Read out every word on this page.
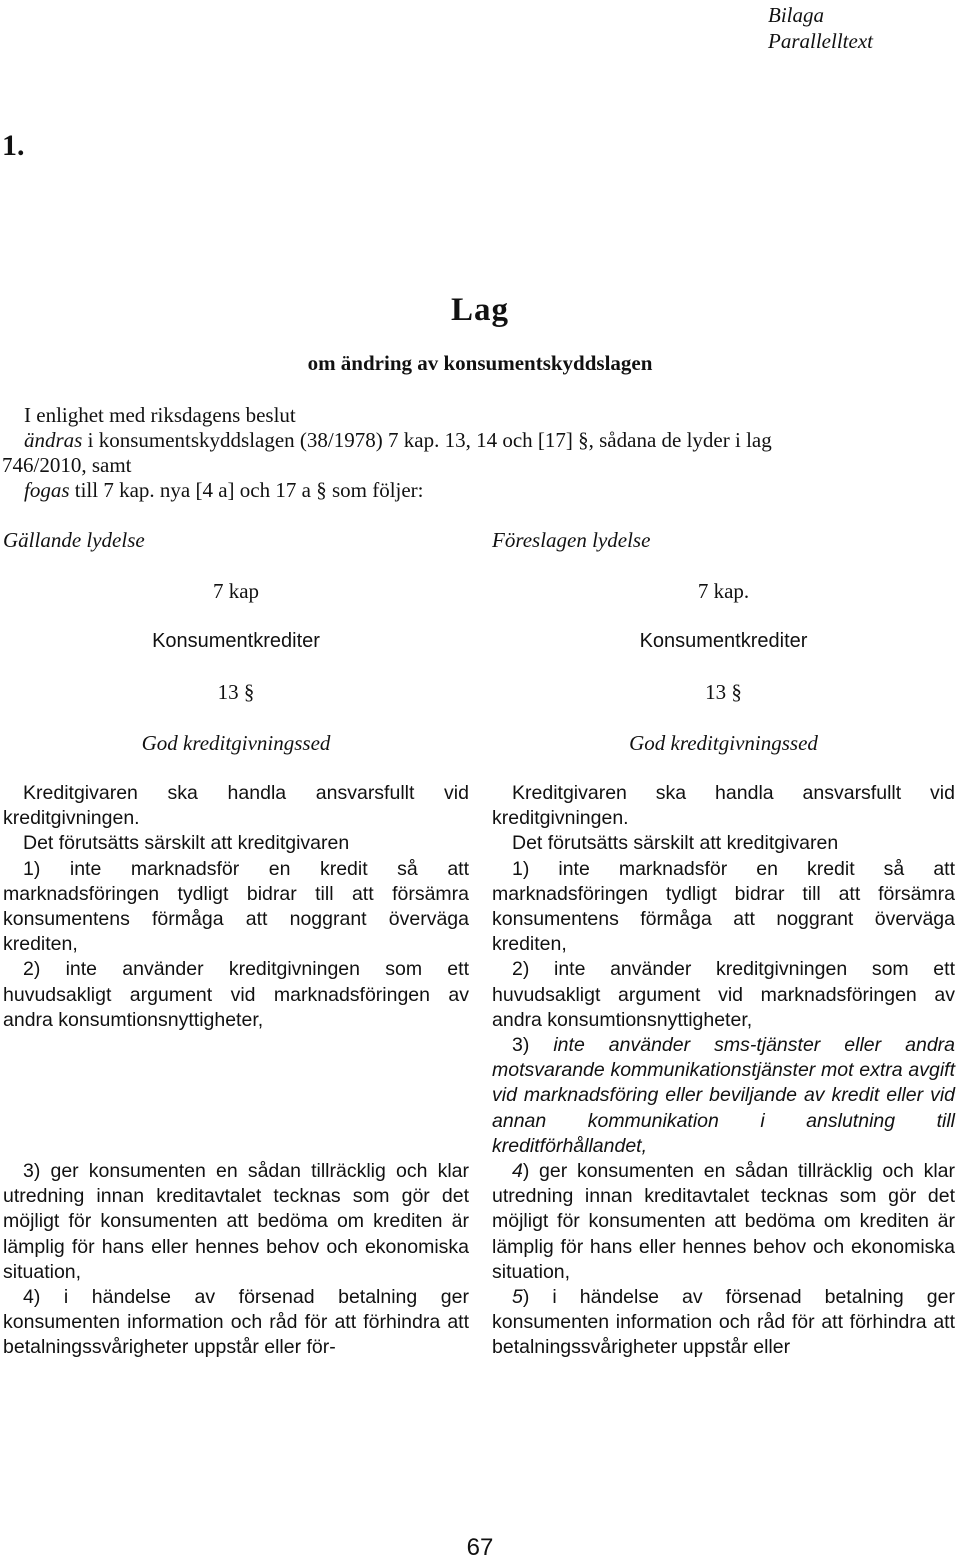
Bilaga
Parallelltext
1.
Lag
om ändring av konsumentskyddslagen
I enlighet med riksdagens beslut
ändras i konsumentskyddslagen (38/1978) 7 kap. 13, 14 och [17] §, sådana de lyder i lag
746/2010, samt
fogas till 7 kap. nya [4 a] och 17 a § som följer:
Gällande lydelse	Föreslagen lydelse
7 kap
Konsumentkrediter
13 §
God kreditgivningssed
Kreditgivaren ska handla ansvarsfullt vid kreditgivningen.
Det förutsätts särskilt att kreditgivaren
1) inte marknadsför en kredit så att marknadsföringen tydligt bidrar till att försämra konsumentens förmåga att noggrant överväga krediten,
2) inte använder kreditgivningen som ett huvudsakligt argument vid marknadsföringen av andra konsumtionsnyttigheter,
3) ger konsumenten en sådan tillräcklig och klar utredning innan kreditavtalet tecknas som gör det möjligt för konsumenten att bedöma om krediten är lämplig för hans eller hennes behov och ekonomiska situation,
4) i händelse av försenad betalning ger konsumenten information och råd för att förhindra att betalningssvårigheter uppstår eller för-
7 kap.
Konsumentkrediter
13 §
God kreditgivningssed
Kreditgivaren ska handla ansvarsfullt vid kreditgivningen.
Det förutsätts särskilt att kreditgivaren
1) inte marknadsför en kredit så att marknadsföringen tydligt bidrar till att försämra konsumentens förmåga att noggrant överväga krediten,
2) inte använder kreditgivningen som ett huvudsakligt argument vid marknadsföringen av andra konsumtionsnyttigheter,
3) inte använder sms-tjänster eller andra motsvarande kommunikationstjänster mot extra avgift vid marknadsföring eller beviljande av kredit eller vid annan kommunikation i anslutning till kreditförhållandet,
4) ger konsumenten en sådan tillräcklig och klar utredning innan kreditavtalet tecknas som gör det möjligt för konsumenten att bedöma om krediten är lämplig för hans eller hennes behov och ekonomiska situation,
5) i händelse av försenad betalning ger konsumenten information och råd för att förhindra att betalningssvårigheter uppstår eller
67
